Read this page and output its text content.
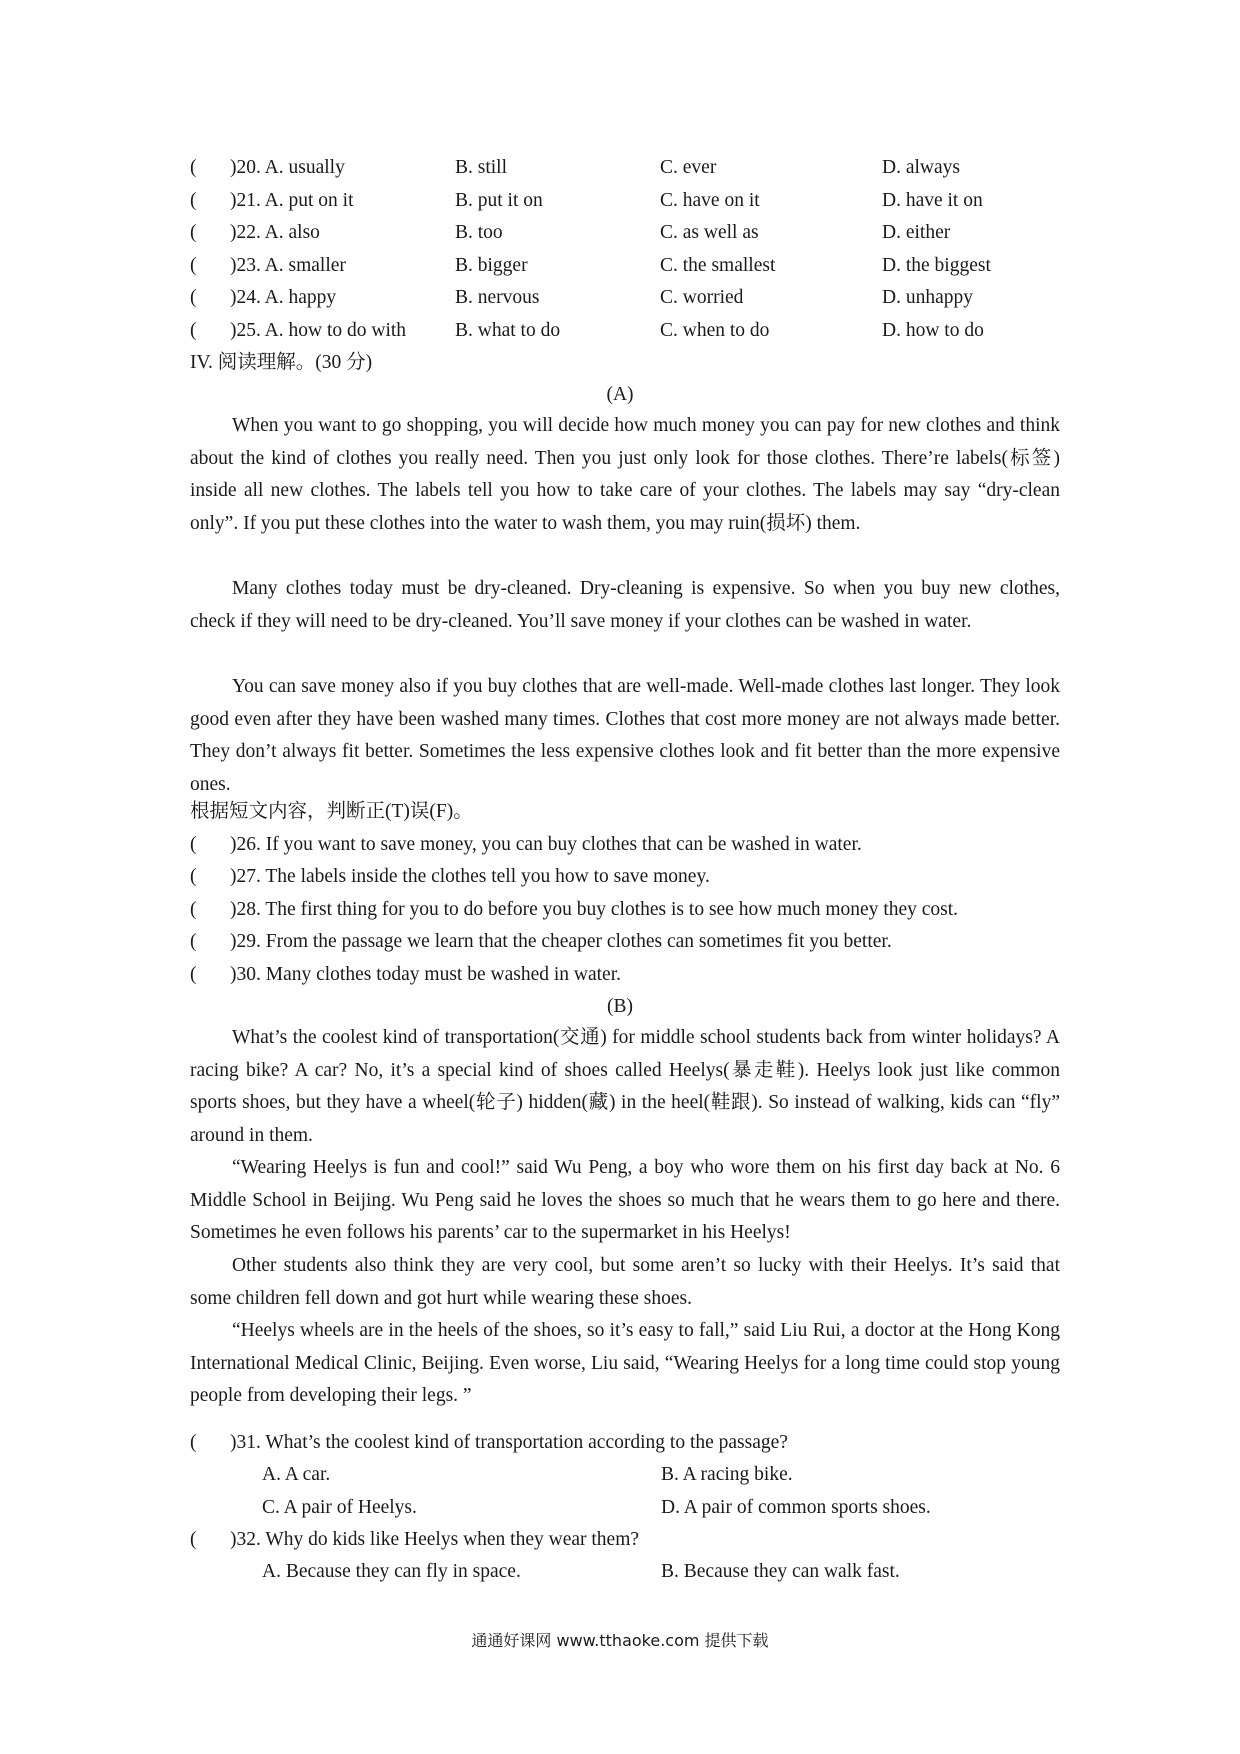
( )20. A. usually	B. still	C. ever	D. always
( )21. A. put on it	B. put it on	C. have on it	D. have it on
( )22. A. also	B. too	C. as well as	D. either
( )23. A. smaller	B. bigger	C. the smallest	D. the biggest
( )24. A. happy	B. nervous	C. worried	D. unhappy
( )25. A. how to do with	B. what to do	C. when to do	D. how to do
IV. 阅读理解。(30 分)
(A)
When you want to go shopping, you will decide how much money you can pay for new clothes and think about the kind of clothes you really need. Then you just only look for those clothes. There’re labels(标签) inside all new clothes. The labels tell you how to take care of your clothes. The labels may say “dry-clean only”. If you put these clothes into the water to wash them, you may ruin(损坏) them.
Many clothes today must be dry-cleaned. Dry-cleaning is expensive. So when you buy new clothes, check if they will need to be dry-cleaned. You’ll save money if your clothes can be washed in water.
You can save money also if you buy clothes that are well-made. Well-made clothes last longer. They look good even after they have been washed many times. Clothes that cost more money are not always made better. They don’t always fit better. Sometimes the less expensive clothes look and fit better than the more expensive ones.
根据短文内容，判断正(T)误(F)。
( )26. If you want to save money, you can buy clothes that can be washed in water.
( )27. The labels inside the clothes tell you how to save money.
( )28. The first thing for you to do before you buy clothes is to see how much money they cost.
( )29. From the passage we learn that the cheaper clothes can sometimes fit you better.
( )30. Many clothes today must be washed in water.
(B)
What’s the coolest kind of transportation(交通) for middle school students back from winter holidays? A racing bike? A car? No, it’s a special kind of shoes called Heelys(暴走鞋). Heelys look just like common sports shoes, but they have a wheel(轮子) hidden(藏) in the heel(鞋跟). So instead of walking, kids can “fly” around in them.
“Wearing Heelys is fun and cool!” said Wu Peng, a boy who wore them on his first day back at No. 6 Middle School in Beijing. Wu Peng said he loves the shoes so much that he wears them to go here and there. Sometimes he even follows his parents’ car to the supermarket in his Heelys!
Other students also think they are very cool, but some aren’t so lucky with their Heelys. It’s said that some children fell down and got hurt while wearing these shoes.
“Heelys wheels are in the heels of the shoes, so it’s easy to fall,” said Liu Rui, a doctor at the Hong Kong International Medical Clinic, Beijing. Even worse, Liu said, “Wearing Heelys for a long time could stop young people from developing their legs. ”
( )31. What’s the coolest kind of transportation according to the passage?
A. A car.	B. A racing bike.
C. A pair of Heelys.	D. A pair of common sports shoes.
( )32. Why do kids like Heelys when they wear them?
A. Because they can fly in space.	B. Because they can walk fast.
通通好课网 www.tthaoke.com 提供下载
